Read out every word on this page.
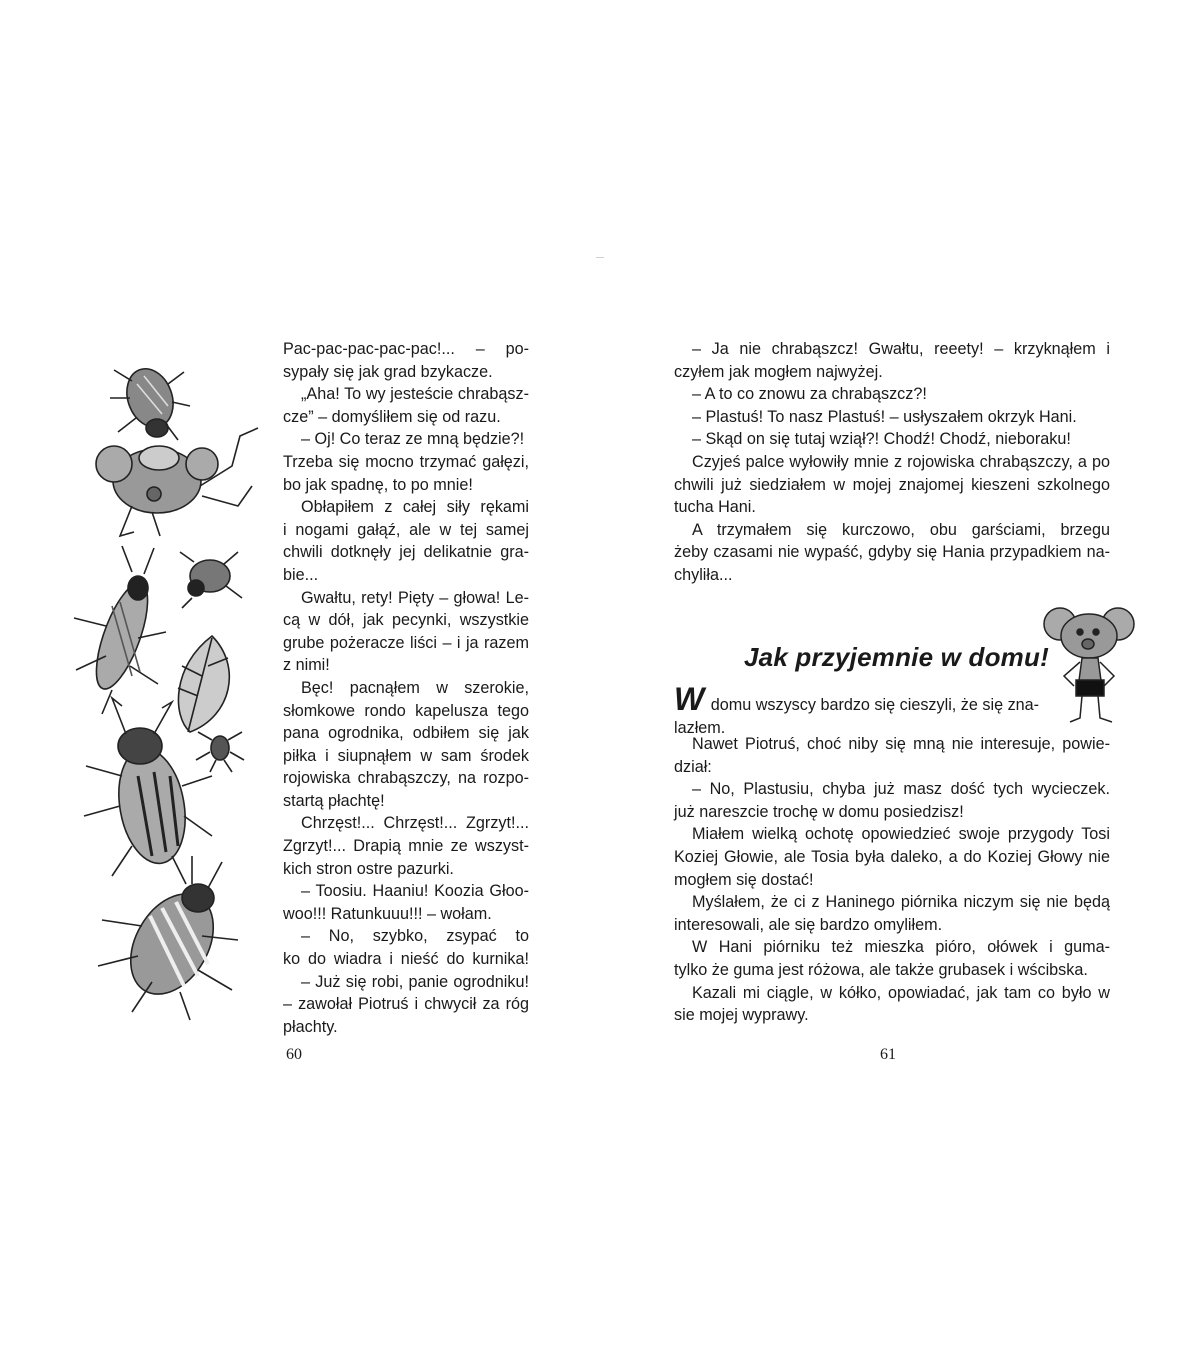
Pac-pac-pac-pac-pac!... – po-
sypały się jak grad bzykacze.
„Aha! To wy jesteście chrabąsz-
cze” – domyśliłem się od razu.
– Oj! Co teraz ze mną będzie?!
Trzeba się mocno trzymać gałęzi,
bo jak spadnę, to po mnie!
Obłapiłem z całej siły rękami
i nogami gałąź, ale w tej samej
chwili dotknęły jej delikatnie gra-
bie...
Gwałtu, rety! Pięty – głowa! Le-
cą w dół, jak pecynki, wszystkie
grube pożeracze liści – i ja razem
z nimi!
Bęc! pacnąłem w szerokie,
słomkowe rondo kapelusza tego
pana ogrodnika, odbiłem się jak
piłka i siupnąłem w sam środek
rojowiska chrabąszczy, na rozpo-
startą płachtę!
Chrzęst!... Chrzęst!... Zgrzyt!...
Zgrzyt!... Drapią mnie ze wszyst-
kich stron ostre pazurki.
– Toosiu. Haaniu! Koozia Głoo-
woo!!! Ratunkuuu!!! – wołam.
– No, szybko, zsypać to
ko do wiadra i nieść do kurnika!
– Już się robi, panie ogrodniku!
– zawołał Piotruś i chwycił za róg
płachty.
60
– Ja nie chrabąszcz! Gwałtu, reeety! – krzyknąłem i
czyłem jak mogłem najwyżej.
– A to co znowu za chrabąszcz?!
– Plastuś! To nasz Plastuś! – usłyszałem okrzyk Hani.
– Skąd on się tutaj wziął?! Chodź! Chodź, nieboraku!
Czyjeś palce wyłowiły mnie z rojowiska chrabąszczy, a po
chwili już siedziałem w mojej znajomej kieszeni szkolnego
tucha Hani.
A trzymałem się kurczowo, obu garściami, brzegu
żeby czasami nie wypaść, gdyby się Hania przypadkiem na-
chyliła...
Jak przyjemnie w domu!
W domu wszyscy bardzo się cieszyli, że się zna-
lazłem.
Nawet Piotruś, choć niby się mną nie interesuje, powie-
dział:
– No, Plastusiu, chyba już masz dość tych wycieczek.
już nareszcie trochę w domu posiedzisz!
Miałem wielką ochotę opowiedzieć swoje przygody Tosi
Koziej Głowie, ale Tosia była daleko, a do Koziej Głowy nie
mogłem się dostać!
Myślałem, że ci z Haninego piórnika niczym się nie będą
interesowali, ale się bardzo omyliłem.
W Hani piórniku też mieszka pióro, ołówek i guma-
tylko że guma jest różowa, ale także grubasek i wścibska.
Kazali mi ciągle, w kółko, opowiadać, jak tam co było w
sie mojej wyprawy.
61
